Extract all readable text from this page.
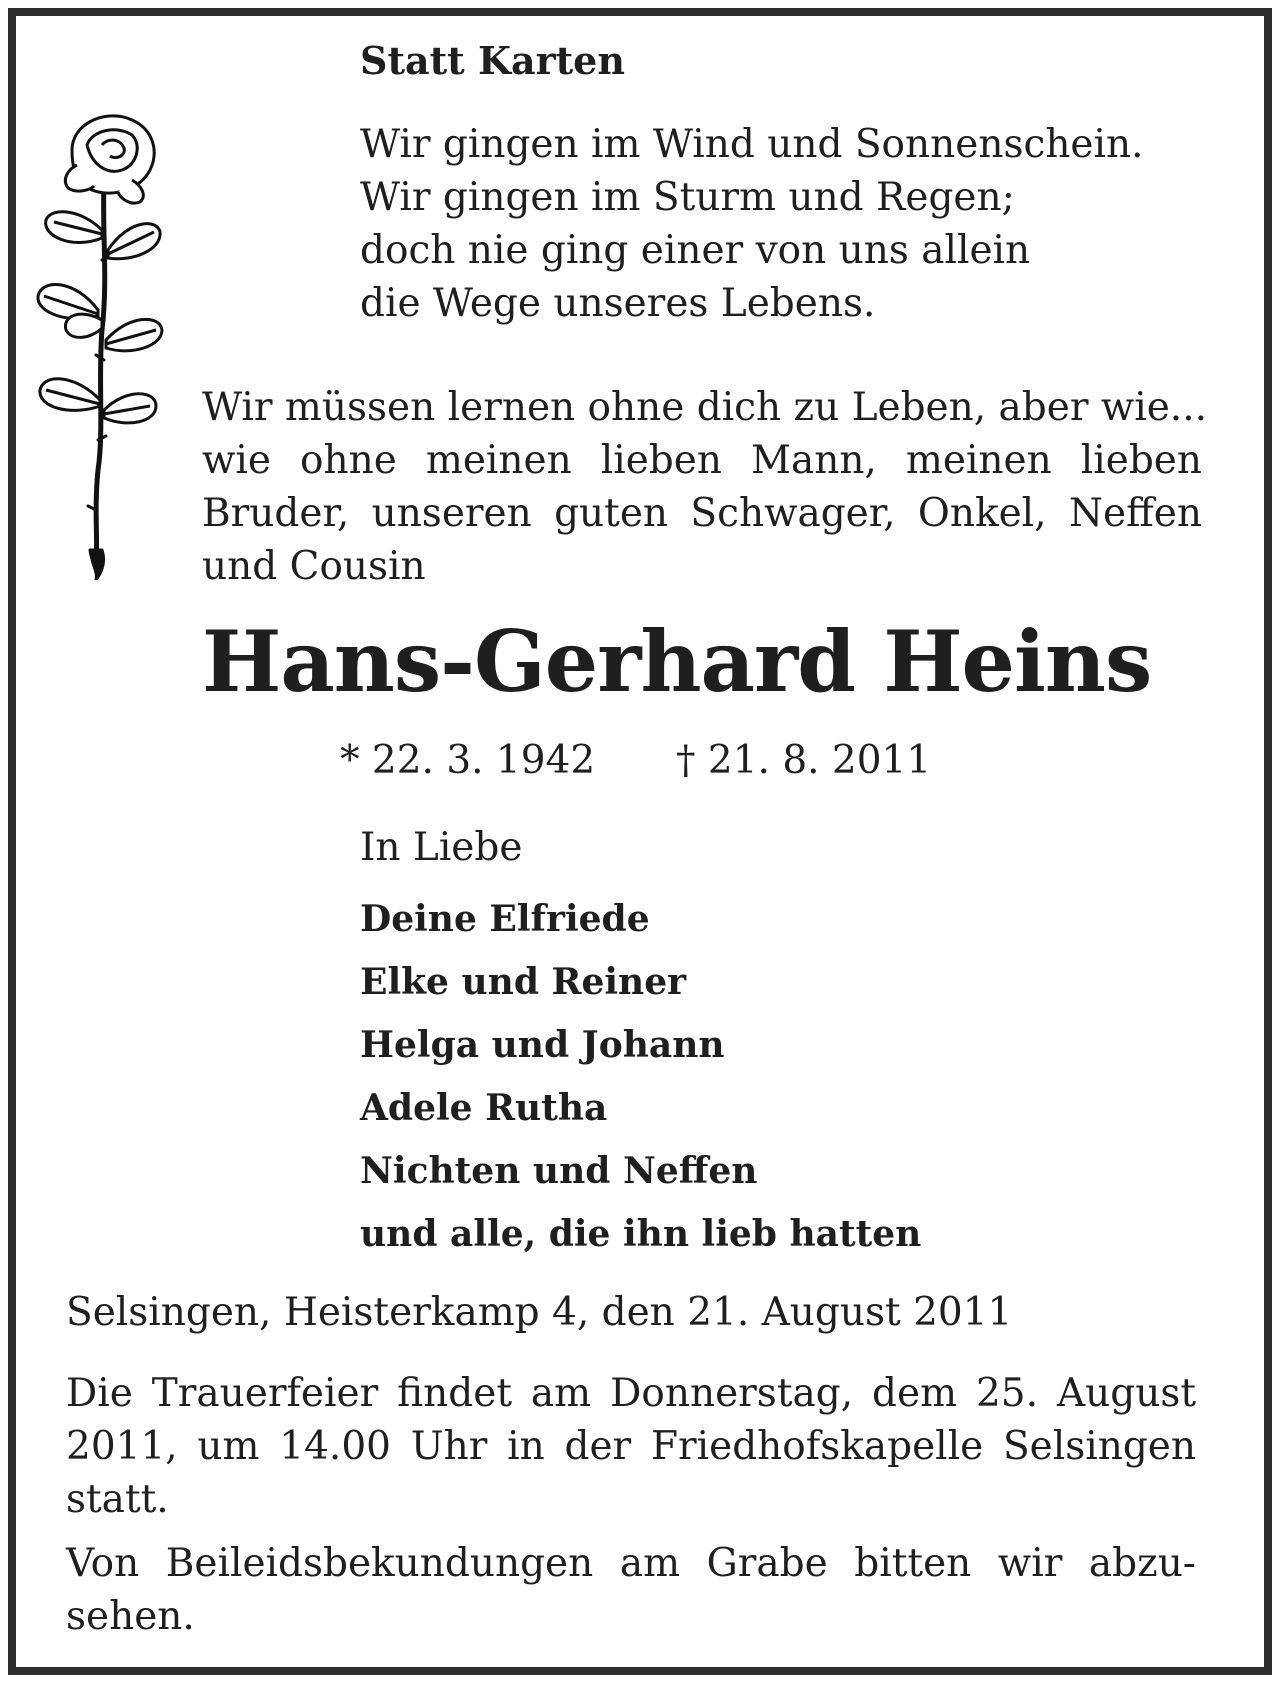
Statt Karten
Wir gingen im Wind und Sonnenschein.
Wir gingen im Sturm und Regen;
doch nie ging einer von uns allein
die Wege unseres Lebens.
Wir müssen lernen ohne dich zu Leben, aber wie...
wie ohne meinen lieben Mann, meinen lieben
Bruder, unseren guten Schwager, Onkel, Neffen
und Cousin
Hans-Gerhard Heins
* 22. 3. 1942 † 21. 8. 2011
In Liebe
Deine Elfriede
Elke und Reiner
Helga und Johann
Adele Rutha
Nichten und Neffen
und alle, die ihn lieb hatten
Selsingen, Heisterkamp 4, den 21. August 2011
Die Trauerfeier findet am Donnerstag, dem 25. August
2011, um 14.00 Uhr in der Friedhofskapelle Selsingen
statt.
Von Beileidsbekundungen am Grabe bitten wir abzu-
sehen.
